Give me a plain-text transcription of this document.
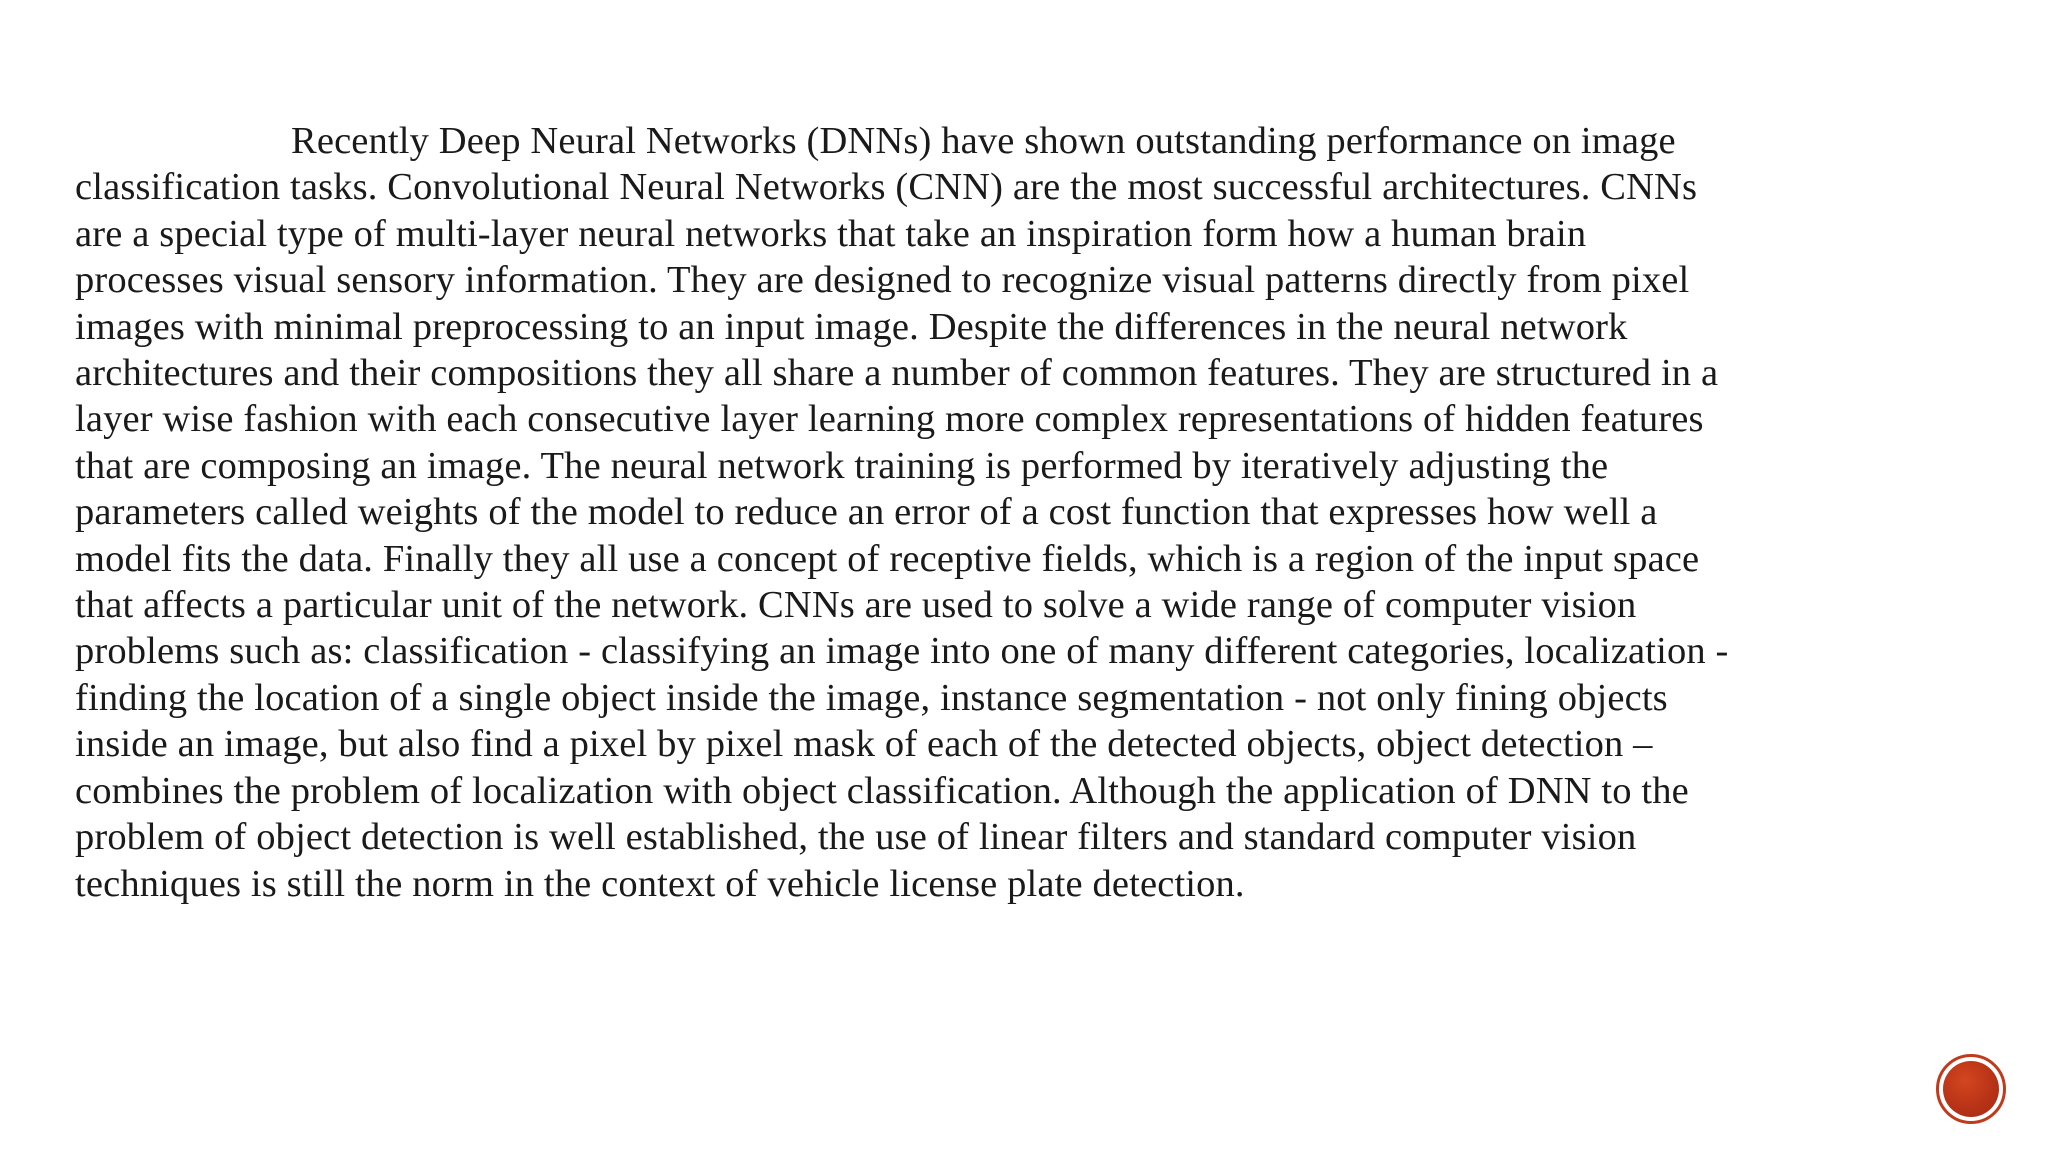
Recently Deep Neural Networks (DNNs) have shown outstanding performance on image
classification tasks. Convolutional Neural Networks (CNN) are the most successful architectures. CNNs
are a special type of multi-layer neural networks that take an inspiration form how a human brain
processes visual sensory information. They are designed to recognize visual patterns directly from pixel
images with minimal preprocessing to an input image. Despite the differences in the neural network
architectures and their compositions they all share a number of common features. They are structured in a
layer wise fashion with each consecutive layer learning more complex representations of hidden features
that are composing an image. The neural network training is performed by iteratively adjusting the
parameters called weights of the model to reduce an error of a cost function that expresses how well a
model fits the data. Finally they all use a concept of receptive fields, which is a region of the input space
that affects a particular unit of the network. CNNs are used to solve a wide range of computer vision
problems such as: classification - classifying an image into one of many different categories, localization -
finding the location of a single object inside the image, instance segmentation - not only fining objects
inside an image, but also find a pixel by pixel mask of each of the detected objects, object detection –
combines the problem of localization with object classification. Although the application of DNN to the
problem of object detection is well established, the use of linear filters and standard computer vision
techniques is still the norm in the context of vehicle license plate detection.
